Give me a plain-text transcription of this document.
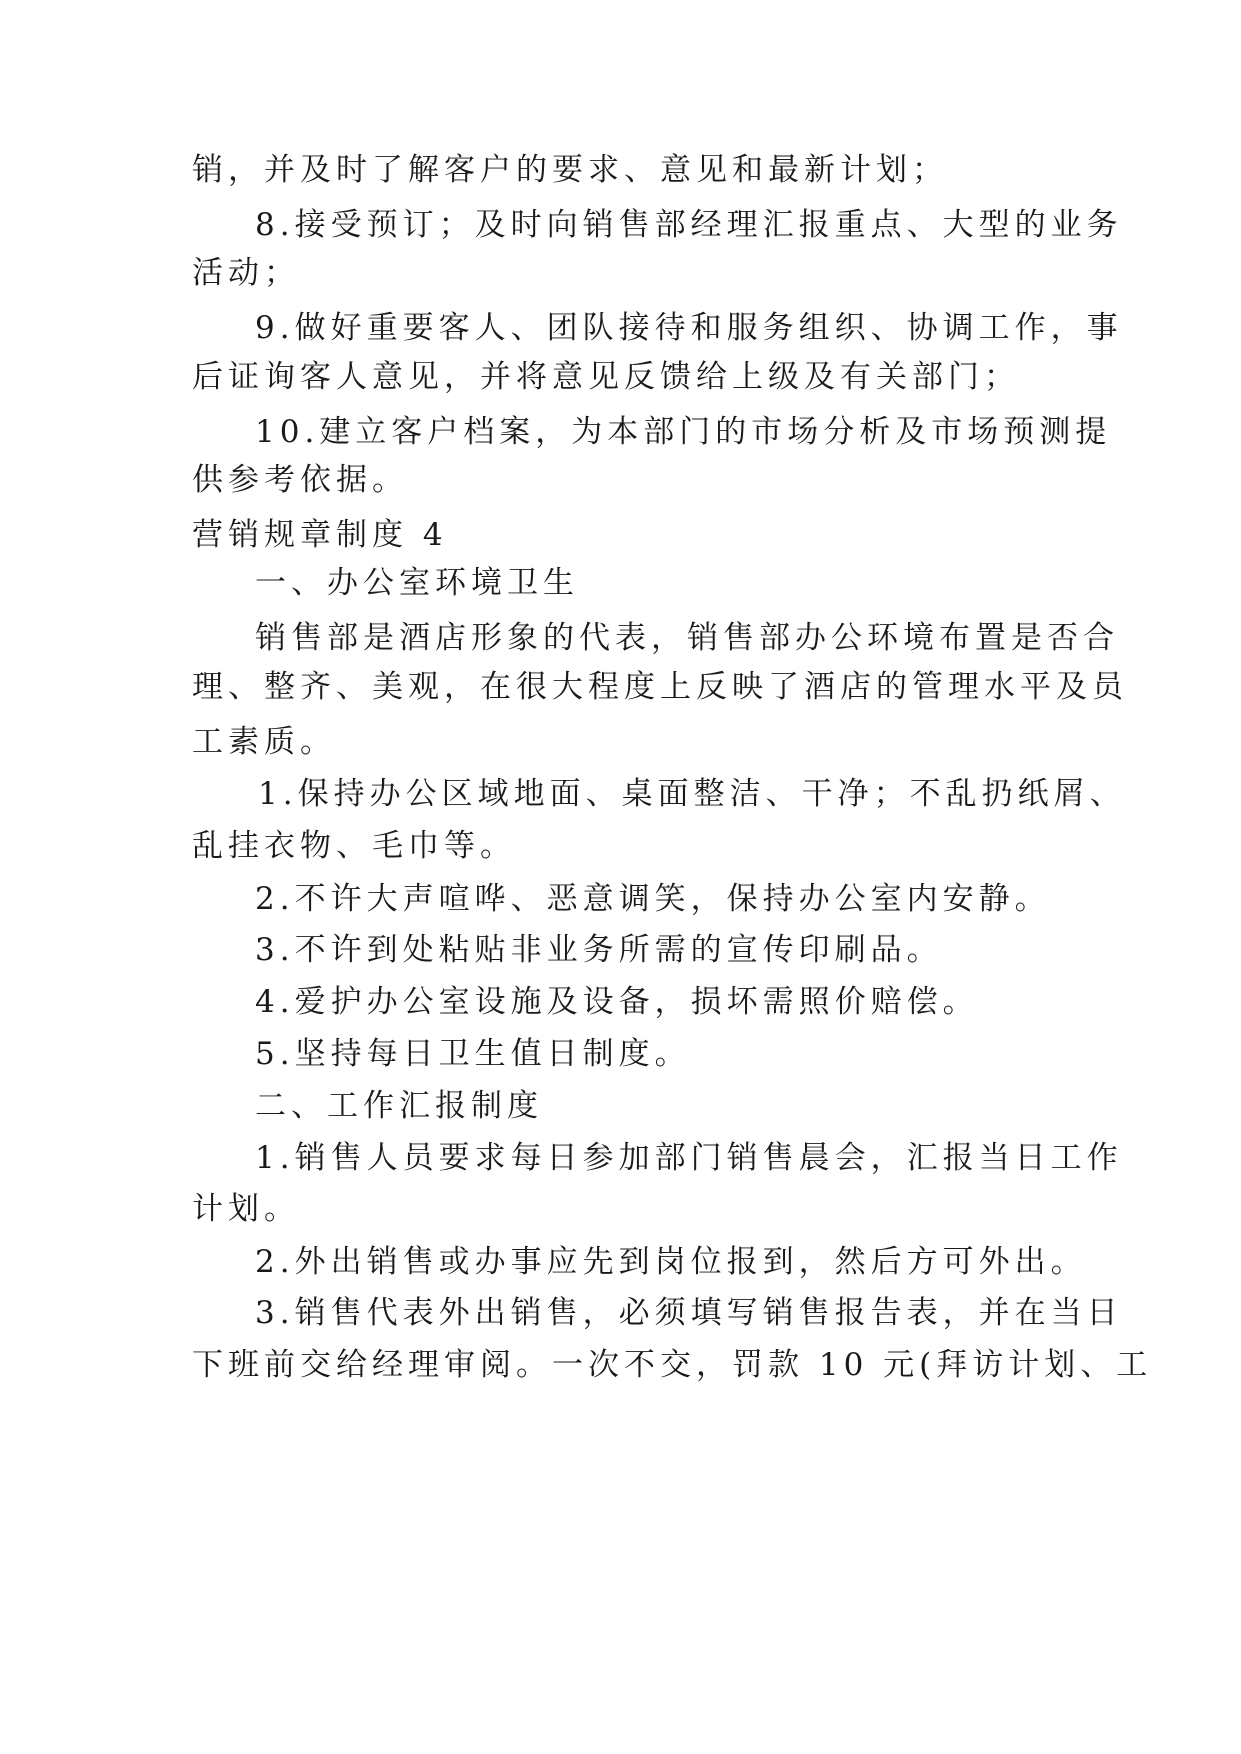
销，并及时了解客户的要求、意见和最新计划；
8.接受预订；及时向销售部经理汇报重点、大型的业务
活动；
9.做好重要客人、团队接待和服务组织、协调工作，事
后证询客人意见，并将意见反馈给上级及有关部门；
10.建立客户档案，为本部门的市场分析及市场预测提
供参考依据。
营销规章制度 4
一、办公室环境卫生
销售部是酒店形象的代表，销售部办公环境布置是否合
理、整齐、美观，在很大程度上反映了酒店的管理水平及员
工素质。
1.保持办公区域地面、桌面整洁、干净；不乱扔纸屑、
乱挂衣物、毛巾等。
2.不许大声喧哗、恶意调笑，保持办公室内安静。
3.不许到处粘贴非业务所需的宣传印刷品。
4.爱护办公室设施及设备，损坏需照价赔偿。
5.坚持每日卫生值日制度。
二、工作汇报制度
1.销售人员要求每日参加部门销售晨会，汇报当日工作
计划。
2.外出销售或办事应先到岗位报到，然后方可外出。
3.销售代表外出销售，必须填写销售报告表，并在当日
下班前交给经理审阅。一次不交，罚款 10 元(拜访计划、工
